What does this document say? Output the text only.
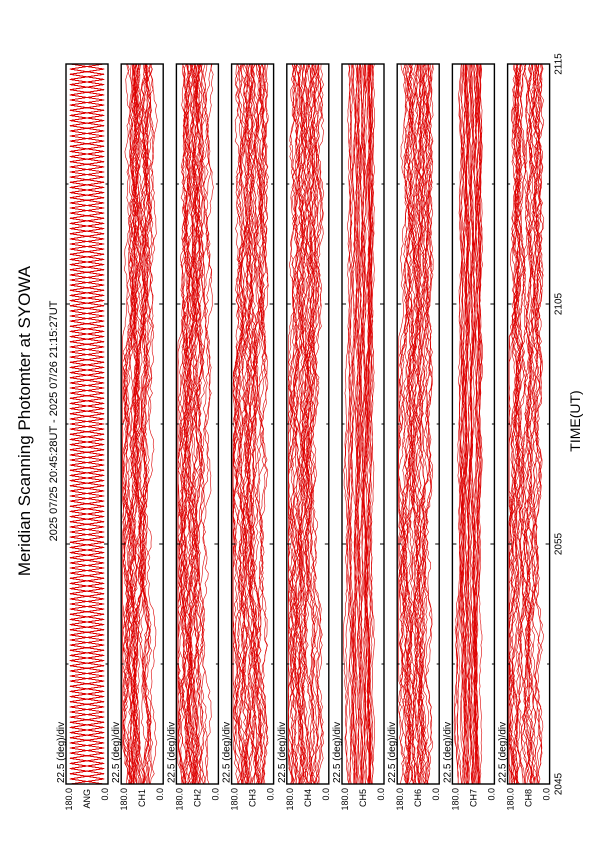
Meridian Scanning Photomter at SYOWA 2025 07/25 20:45:28UT - 2025 07/26 21:15:27UT	TIME(UT)
180.0	0.0
ANG
22.5 (deg)/div
180.0	0.0
CH1
22.5 (deg)/div
180.0	0.0
CH2
22.5 (deg)/div
180.0	0.0
CH3
22.5 (deg)/div
180.0	0.0
CH4
22.5 (deg)/div
180.0	0.0
CH5
22.5 (deg)/div
180.0	0.0
CH6
22.5 (deg)/div
180.0	0.0
CH7
22.5 (deg)/div
180.0	0.0
CH8
22.5 (deg)/div
2045
2055
2105
2115
